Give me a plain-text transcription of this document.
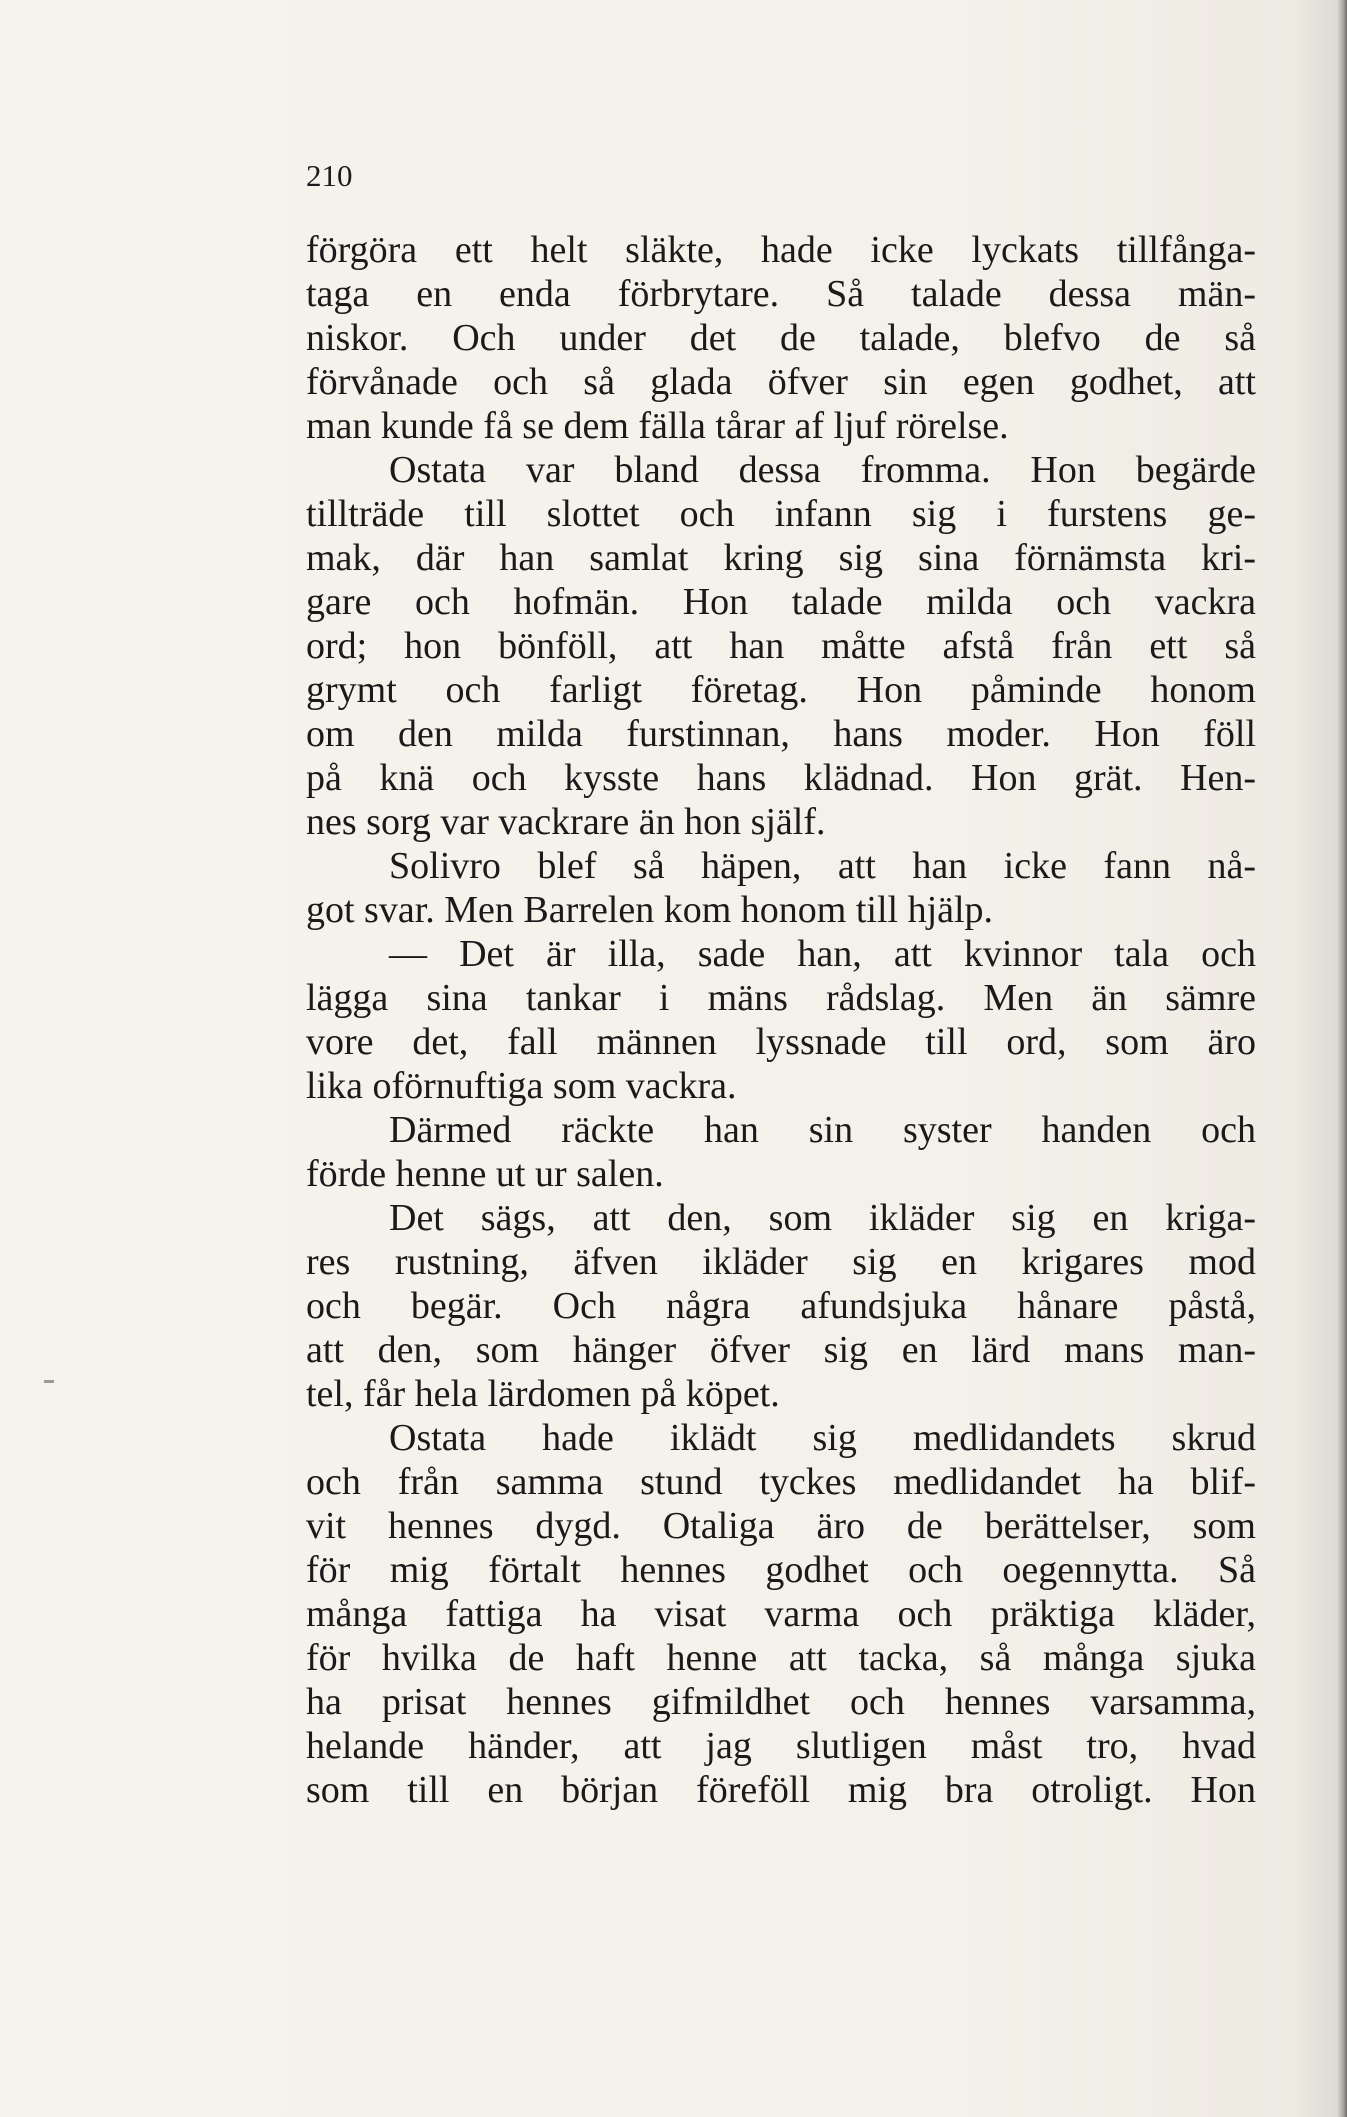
210
förgöra ett helt släkte, hade icke lyckats tillfånga-
taga en enda förbrytare. Så talade dessa män-
niskor. Och under det de talade, blefvo de så
förvånade och så glada öfver sin egen godhet, att
man kunde få se dem fälla tårar af ljuf rörelse.
Ostata var bland dessa fromma. Hon begärde
tillträde till slottet och infann sig i furstens ge-
mak, där han samlat kring sig sina förnämsta kri-
gare och hofmän. Hon talade milda och vackra
ord; hon bönföll, att han måtte afstå från ett så
grymt och farligt företag. Hon påminde honom
om den milda furstinnan, hans moder. Hon föll
på knä och kysste hans klädnad. Hon grät. Hen-
nes sorg var vackrare än hon själf.
Solivro blef så häpen, att han icke fann nå-
got svar. Men Barrelen kom honom till hjälp.
— Det är illa, sade han, att kvinnor tala och
lägga sina tankar i mäns rådslag. Men än sämre
vore det, fall männen lyssnade till ord, som äro
lika oförnuftiga som vackra.
Därmed räckte han sin syster handen och
förde henne ut ur salen.
Det sägs, att den, som ikläder sig en kriga-
res rustning, äfven ikläder sig en krigares mod
och begär. Och några afundsjuka hånare påstå,
att den, som hänger öfver sig en lärd mans man-
tel, får hela lärdomen på köpet.
Ostata hade iklädt sig medlidandets skrud
och från samma stund tyckes medlidandet ha blif-
vit hennes dygd. Otaliga äro de berättelser, som
för mig förtalt hennes godhet och oegennytta. Så
många fattiga ha visat varma och präktiga kläder,
för hvilka de haft henne att tacka, så många sjuka
ha prisat hennes gifmildhet och hennes varsamma,
helande händer, att jag slutligen måst tro, hvad
som till en början föreföll mig bra otroligt. Hon
